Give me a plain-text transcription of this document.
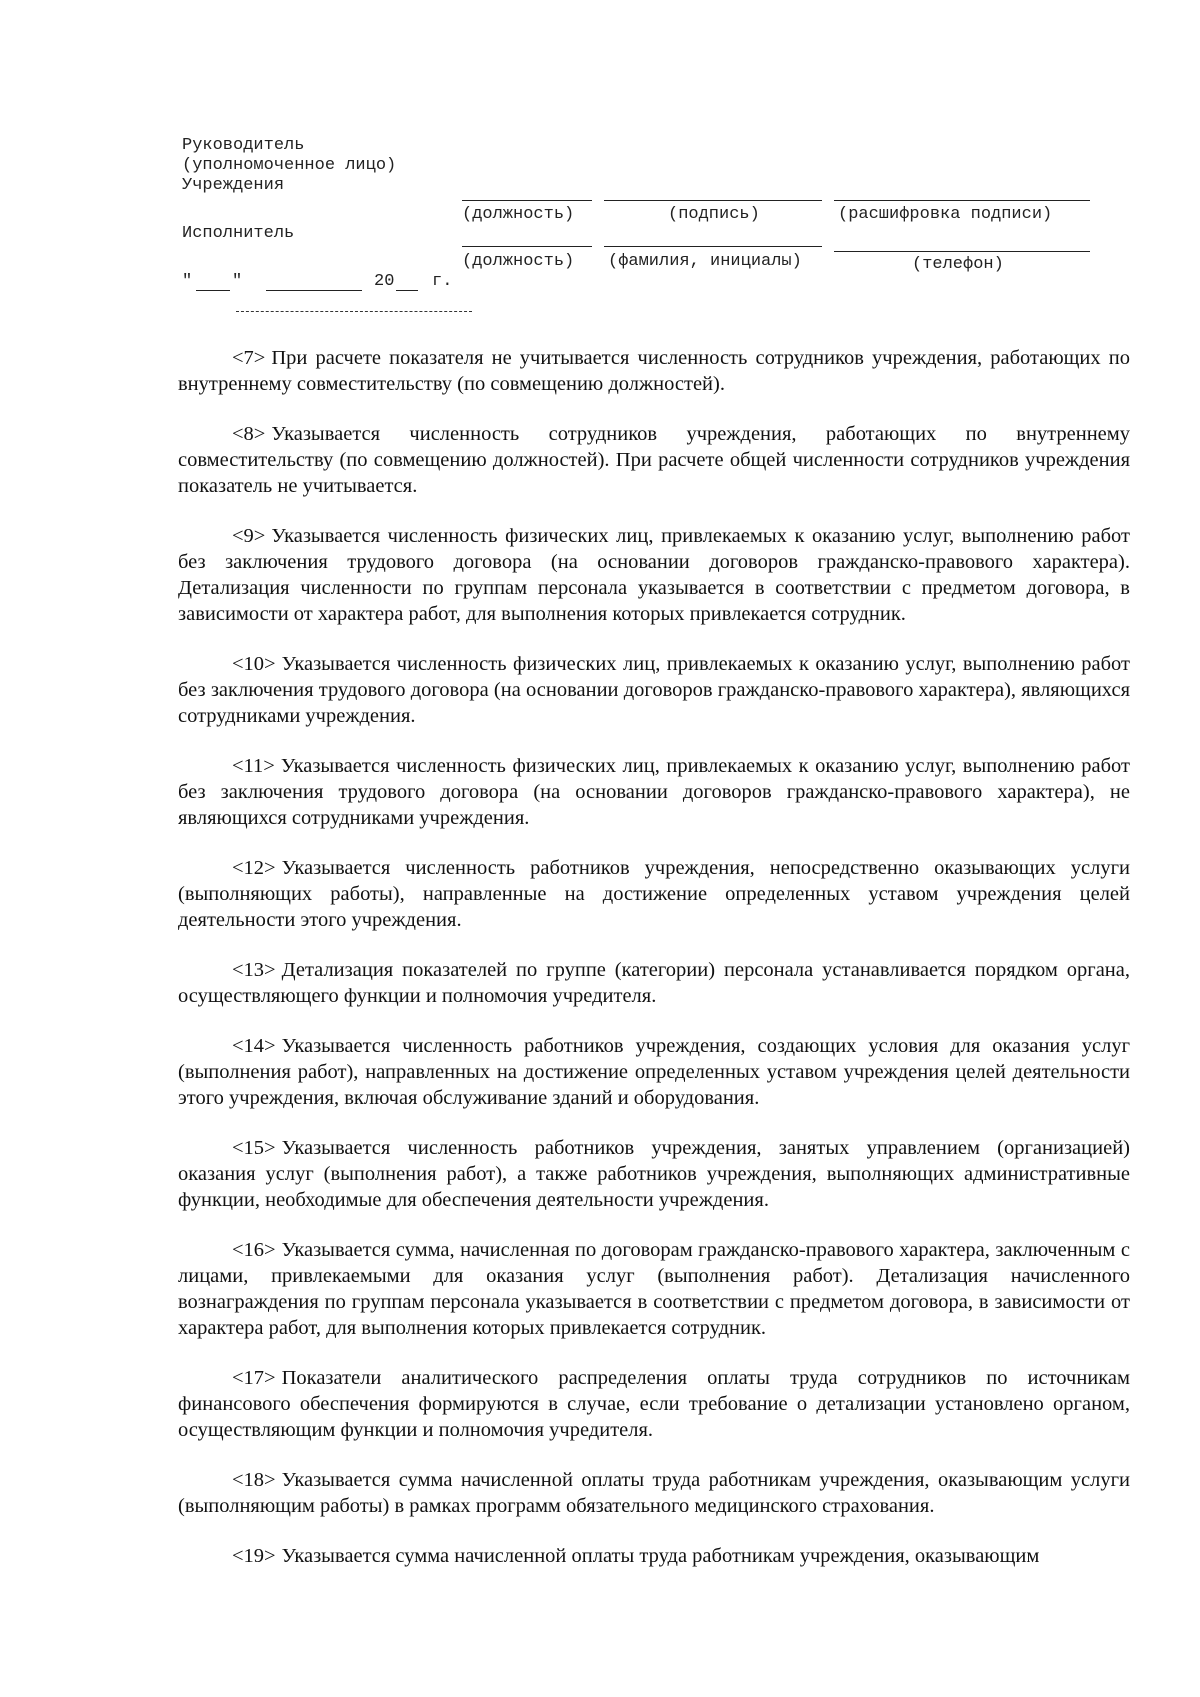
Руководитель
(уполномоченное лицо)
Учреждения
(должность)	(подпись)	(расшифровка подписи)
Исполнитель
(должность) (фамилия, инициалы)	(телефон)
" "	20 г.

<7> При расчете показателя не учитывается численность сотрудников учреждения, работающих по внутреннему совместительству (по совмещению должностей).

<8> Указывается численность сотрудников учреждения, работающих по внутреннему совместительству (по совмещению должностей). При расчете общей численности сотрудников учреждения показатель не учитывается.

<9> Указывается численность физических лиц, привлекаемых к оказанию услуг, выполнению работ без заключения трудового договора (на основании договоров гражданско-правового характера). Детализация численности по группам персонала указывается в соответствии с предметом договора, в зависимости от характера работ, для выполнения которых привлекается сотрудник.

<10> Указывается численность физических лиц, привлекаемых к оказанию услуг, выполнению работ без заключения трудового договора (на основании договоров гражданско-правового характера), являющихся сотрудниками учреждения.

<11> Указывается численность физических лиц, привлекаемых к оказанию услуг, выполнению работ без заключения трудового договора (на основании договоров гражданско-правового характера), не являющихся сотрудниками учреждения.

<12> Указывается численность работников учреждения, непосредственно оказывающих услуги (выполняющих работы), направленные на достижение определенных уставом учреждения целей деятельности этого учреждения.

<13> Детализация показателей по группе (категории) персонала устанавливается порядком органа, осуществляющего функции и полномочия учредителя.

<14> Указывается численность работников учреждения, создающих условия для оказания услуг (выполнения работ), направленных на достижение определенных уставом учреждения целей деятельности этого учреждения, включая обслуживание зданий и оборудования.

<15> Указывается численность работников учреждения, занятых управлением (организацией) оказания услуг (выполнения работ), а также работников учреждения, выполняющих административные функции, необходимые для обеспечения деятельности учреждения.

<16> Указывается сумма, начисленная по договорам гражданско-правового характера, заключенным с лицами, привлекаемыми для оказания услуг (выполнения работ). Детализация начисленного вознаграждения по группам персонала указывается в соответствии с предметом договора, в зависимости от характера работ, для выполнения которых привлекается сотрудник.

<17> Показатели аналитического распределения оплаты труда сотрудников по источникам финансового обеспечения формируются в случае, если требование о детализации установлено органом, осуществляющим функции и полномочия учредителя.

<18> Указывается сумма начисленной оплаты труда работникам учреждения, оказывающим услуги (выполняющим работы) в рамках программ обязательного медицинского страхования.

<19> Указывается сумма начисленной оплаты труда работникам учреждения, оказывающим
